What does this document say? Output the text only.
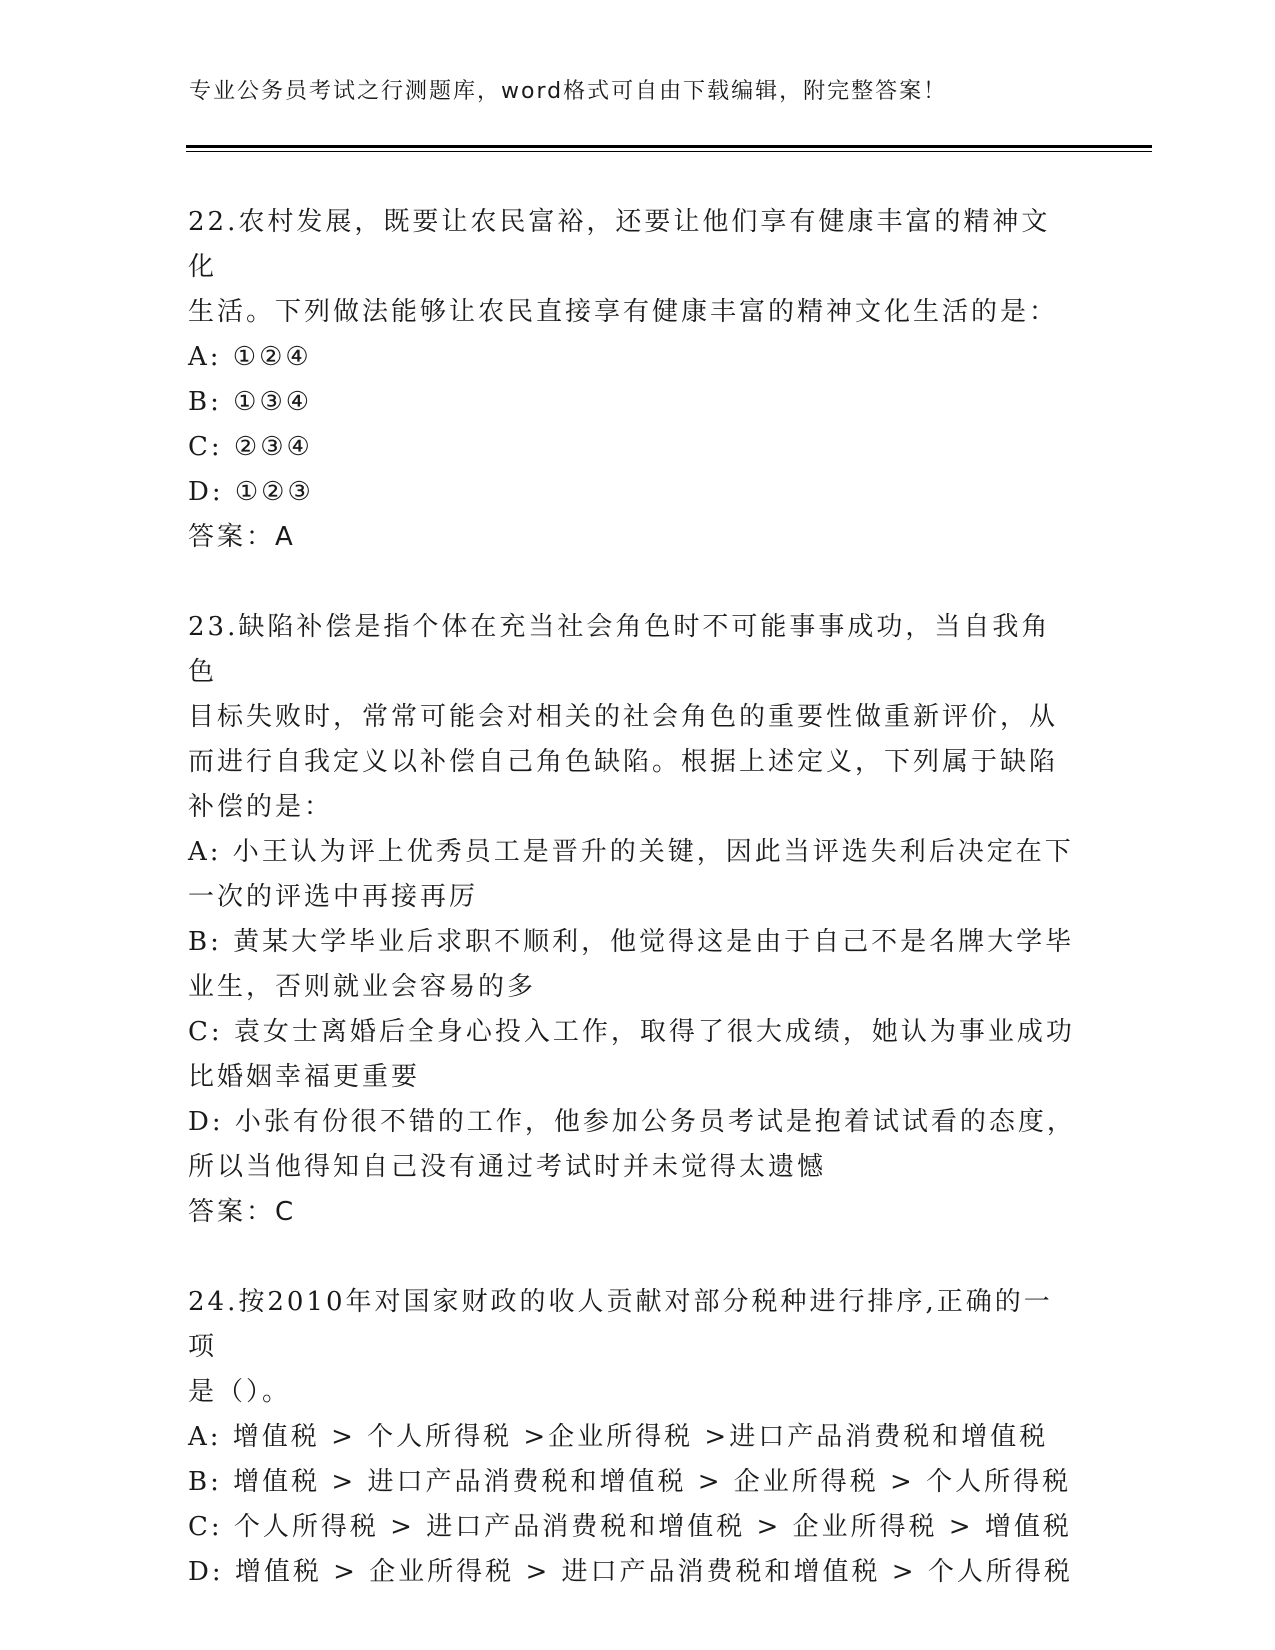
专业公务员考试之行测题库，word格式可自由下载编辑，附完整答案！
22.农村发展，既要让农民富裕，还要让他们享有健康丰富的精神文化
生活。下列做法能够让农民直接享有健康丰富的精神文化生活的是：
A: ①②④
B: ①③④
C: ②③④
D: ①②③
答案：A
23.缺陷补偿是指个体在充当社会角色时不可能事事成功，当自我角色
目标失败时，常常可能会对相关的社会角色的重要性做重新评价，从
而进行自我定义以补偿自己角色缺陷。根据上述定义，下列属于缺陷
补偿的是：
A: 小王认为评上优秀员工是晋升的关键，因此当评选失利后决定在下
一次的评选中再接再厉
B: 黄某大学毕业后求职不顺利，他觉得这是由于自己不是名牌大学毕
业生，否则就业会容易的多
C: 袁女士离婚后全身心投入工作，取得了很大成绩，她认为事业成功
比婚姻幸福更重要
D: 小张有份很不错的工作，他参加公务员考试是抱着试试看的态度，
所以当他得知自己没有通过考试时并未觉得太遗憾
答案：C
24.按2010年对国家财政的收人贡献对部分税种进行排序,正确的一项
是（）。
A: 增值税 > 个人所得税 >企业所得税 >进口产品消费税和增值税
B: 增值税 > 进口产品消费税和增值税 > 企业所得税 > 个人所得税
C: 个人所得税 > 进口产品消费税和增值税 > 企业所得税 > 增值税
D: 增值税 > 企业所得税 > 进口产品消费税和增值税 > 个人所得税
